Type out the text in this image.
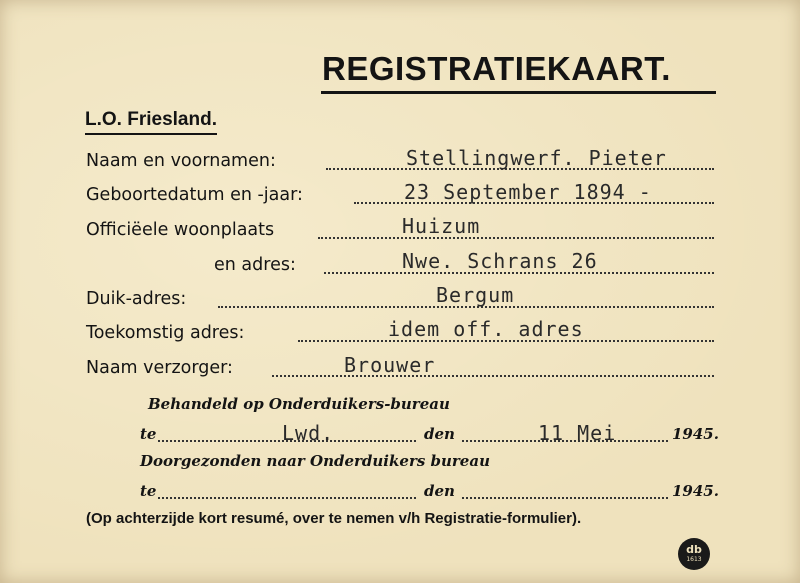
REGISTRATIEKAART.
L.O. Friesland.
Naam en voornamen:	Stellingwerf. Pieter
Geboortedatum en -jaar:	23 September 1894 -
Officiëele woonplaats	Huizum
en adres:	Nwe. Schrans 26
Duik-adres:	Bergum
Toekomstig adres:	idem off. adres
Naam verzorger:	Brouwer
Behandeld op Onderduikers-bureau
te	Lwd.	den	11 Mei	1945.
Doorgezonden naar Onderduikers bureau
te	den	1945.
(Op achterzijde kort resumé, over te nemen v/h Registratie-formulier).
db
1613
